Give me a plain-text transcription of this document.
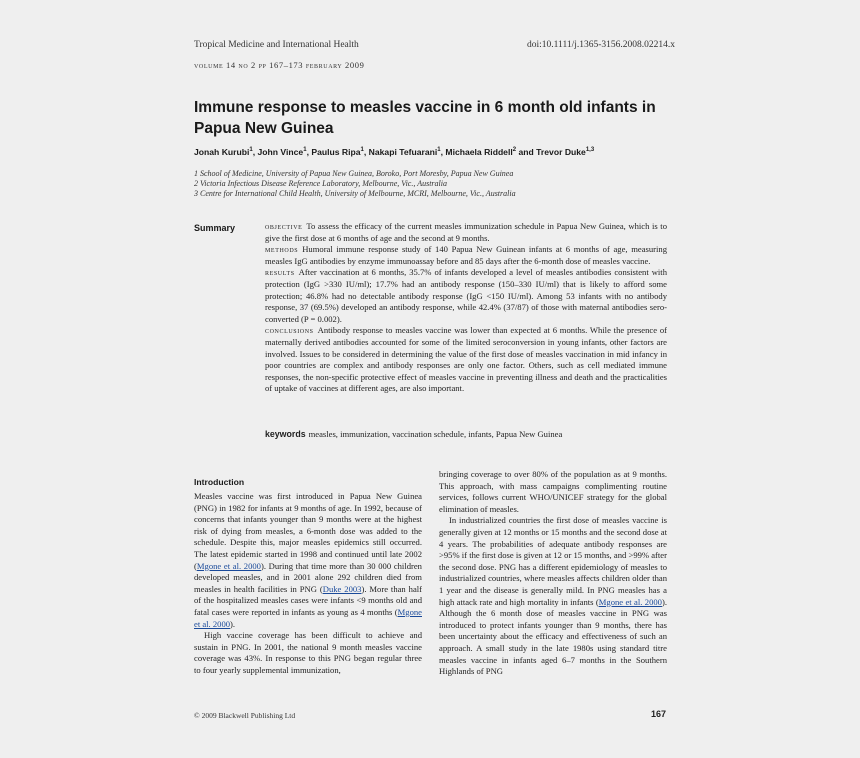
Tropical Medicine and International Health	doi:10.1111/j.1365-3156.2008.02214.x
volume 14 no 2 pp 167–173 february 2009
Immune response to measles vaccine in 6 month old infants in Papua New Guinea
Jonah Kurubi$^1$, John Vince$^1$, Paulus Ripa$^1$, Nakapi Tefuarani$^1$, Michaela Riddell$^2$ and Trevor Duke$^{1,3}$
1 School of Medicine, University of Papua New Guinea, Boroko, Port Moresby, Papua New Guinea
2 Victoria Infectious Disease Reference Laboratory, Melbourne, Vic., Australia
3 Centre for International Child Health, University of Melbourne, MCRI, Melbourne, Vic., Australia
Summary	objective To assess the efficacy of the current measles immunization schedule in Papua New Guinea, which is to give the first dose at 6 months of age and the second at 9 months.

methods Humoral immune response study of 140 Papua New Guinean infants at 6 months of age, measuring measles IgG antibodies by enzyme immunoassay before and 85 days after the 6-month dose of measles vaccine.

results After vaccination at 6 months, 35.7% of infants developed a level of measles antibodies consistent with protection (IgG >330 IU/ml); 17.7% had an antibody response (150–330 IU/ml) that is likely to afford some protection; 46.8% had no detectable antibody response (IgG <150 IU/ml). Among 53 infants with no antibody response, 37 (69.5%) developed an antibody response, while 42.4% (37/87) of those with maternal antibodies sero-converted (P = 0.002).

conclusions Antibody response to measles vaccine was lower than expected at 6 months. While the presence of maternally derived antibodies accounted for some of the limited seroconversion in young infants, other factors are involved. Issues to be considered in determining the value of the first dose of measles vaccination in mid infancy in poor countries are complex and antibody responses are only one factor. Others, such as cell mediated immune responses, the non-specific protective effect of measles vaccine in preventing illness and death and the practicalities of uptake of vaccines at different ages, are also important.

keywords measles, immunization, vaccination schedule, infants, Papua New Guinea
Introduction

Measles vaccine was first introduced in Papua New Guinea (PNG) in 1982 for infants at 9 months of age. In 1992, because of concerns that infants younger than 9 months were at the highest risk of dying from measles, a 6-month dose was added to the schedule. Despite this, major measles epidemics still occurred. The latest epidemic started in 1998 and continued until late 2002 (Mgone et al. 2000). During that time more than 30 000 children developed measles, and in 2001 alone 292 children died from measles in health facilities in PNG (Duke 2003). More than half of the hospitalized measles cases were infants <9 months old and fatal cases were reported in infants as young as 4 months (Mgone et al. 2000).

High vaccine coverage has been difficult to achieve and sustain in PNG. In 2001, the national 9 month measles vaccine coverage was 43%. In response to this PNG began regular three to four yearly supplemental immunization,

bringing coverage to over 80% of the population as at 9 months. This approach, with mass campaigns complimenting routine services, follows current WHO/UNICEF strategy for the global elimination of measles.

In industrialized countries the first dose of measles vaccine is generally given at 12 months or 15 months and the second dose at 4 years. The probabilities of adequate antibody responses are >95% if the first dose is given at 12 or 15 months, and >99% after the second dose. PNG has a different epidemiology of measles to industrialized countries, where measles affects children older than 1 year and the disease is generally mild. In PNG measles has a high attack rate and high mortality in infants (Mgone et al. 2000). Although the 6 month dose of measles vaccine in PNG was introduced to protect infants younger than 9 months, there has been uncertainty about the efficacy and effectiveness of such an approach. A small study in the late 1980s using standard titre measles vaccine in infants aged 6–7 months in the Southern Highlands of PNG

© 2009 Blackwell Publishing Ltd	167
